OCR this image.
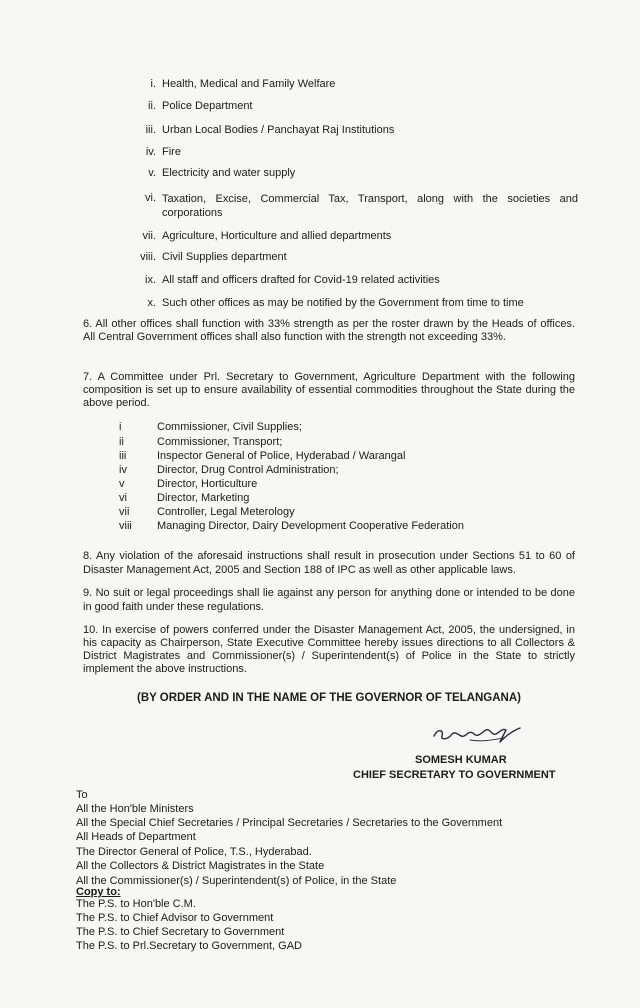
i. Health, Medical and Family Welfare
ii. Police Department
iii. Urban Local Bodies / Panchayat Raj Institutions
iv. Fire
v. Electricity and water supply
vi. Taxation, Excise, Commercial Tax, Transport, along with the societies and corporations
vii. Agriculture, Horticulture and allied departments
viii. Civil Supplies department
ix. All staff and officers drafted for Covid-19 related activities
x. Such other offices as may be notified by the Government from time to time
6. All other offices shall function with 33% strength as per the roster drawn by the Heads of offices. All Central Government offices shall also function with the strength not exceeding 33%.
7. A Committee under Prl. Secretary to Government, Agriculture Department with the following composition is set up to ensure availability of essential commodities throughout the State during the above period.
i	Commissioner, Civil Supplies;
ii	Commissioner, Transport;
iii	Inspector General of Police, Hyderabad / Warangal
iv	Director, Drug Control Administration;
v	Director, Horticulture
vi	Director, Marketing
vii	Controller, Legal Meterology
viii Managing Director, Dairy Development Cooperative Federation
8. Any violation of the aforesaid instructions shall result in prosecution under Sections 51 to 60 of Disaster Management Act, 2005 and Section 188 of IPC as well as other applicable laws.
9. No suit or legal proceedings shall lie against any person for anything done or intended to be done in good faith under these regulations.
10. In exercise of powers conferred under the Disaster Management Act, 2005, the undersigned, in his capacity as Chairperson, State Executive Committee hereby issues directions to all Collectors & District Magistrates and Commissioner(s) / Superintendent(s) of Police in the State to strictly implement the above instructions.
(BY ORDER AND IN THE NAME OF THE GOVERNOR OF TELANGANA)
SOMESH KUMAR
CHIEF SECRETARY TO GOVERNMENT
To
All the Hon'ble Ministers
All the Special Chief Secretaries / Principal Secretaries / Secretaries to the Government
All Heads of Department
The Director General of Police, T.S., Hyderabad.
All the Collectors & District Magistrates in the State
All the Commissioner(s) / Superintendent(s) of Police, in the State
Copy to:
The P.S. to Hon'ble C.M.
The P.S. to Chief Advisor to Government
The P.S. to Chief Secretary to Government
The P.S. to Prl.Secretary to Government, GAD
